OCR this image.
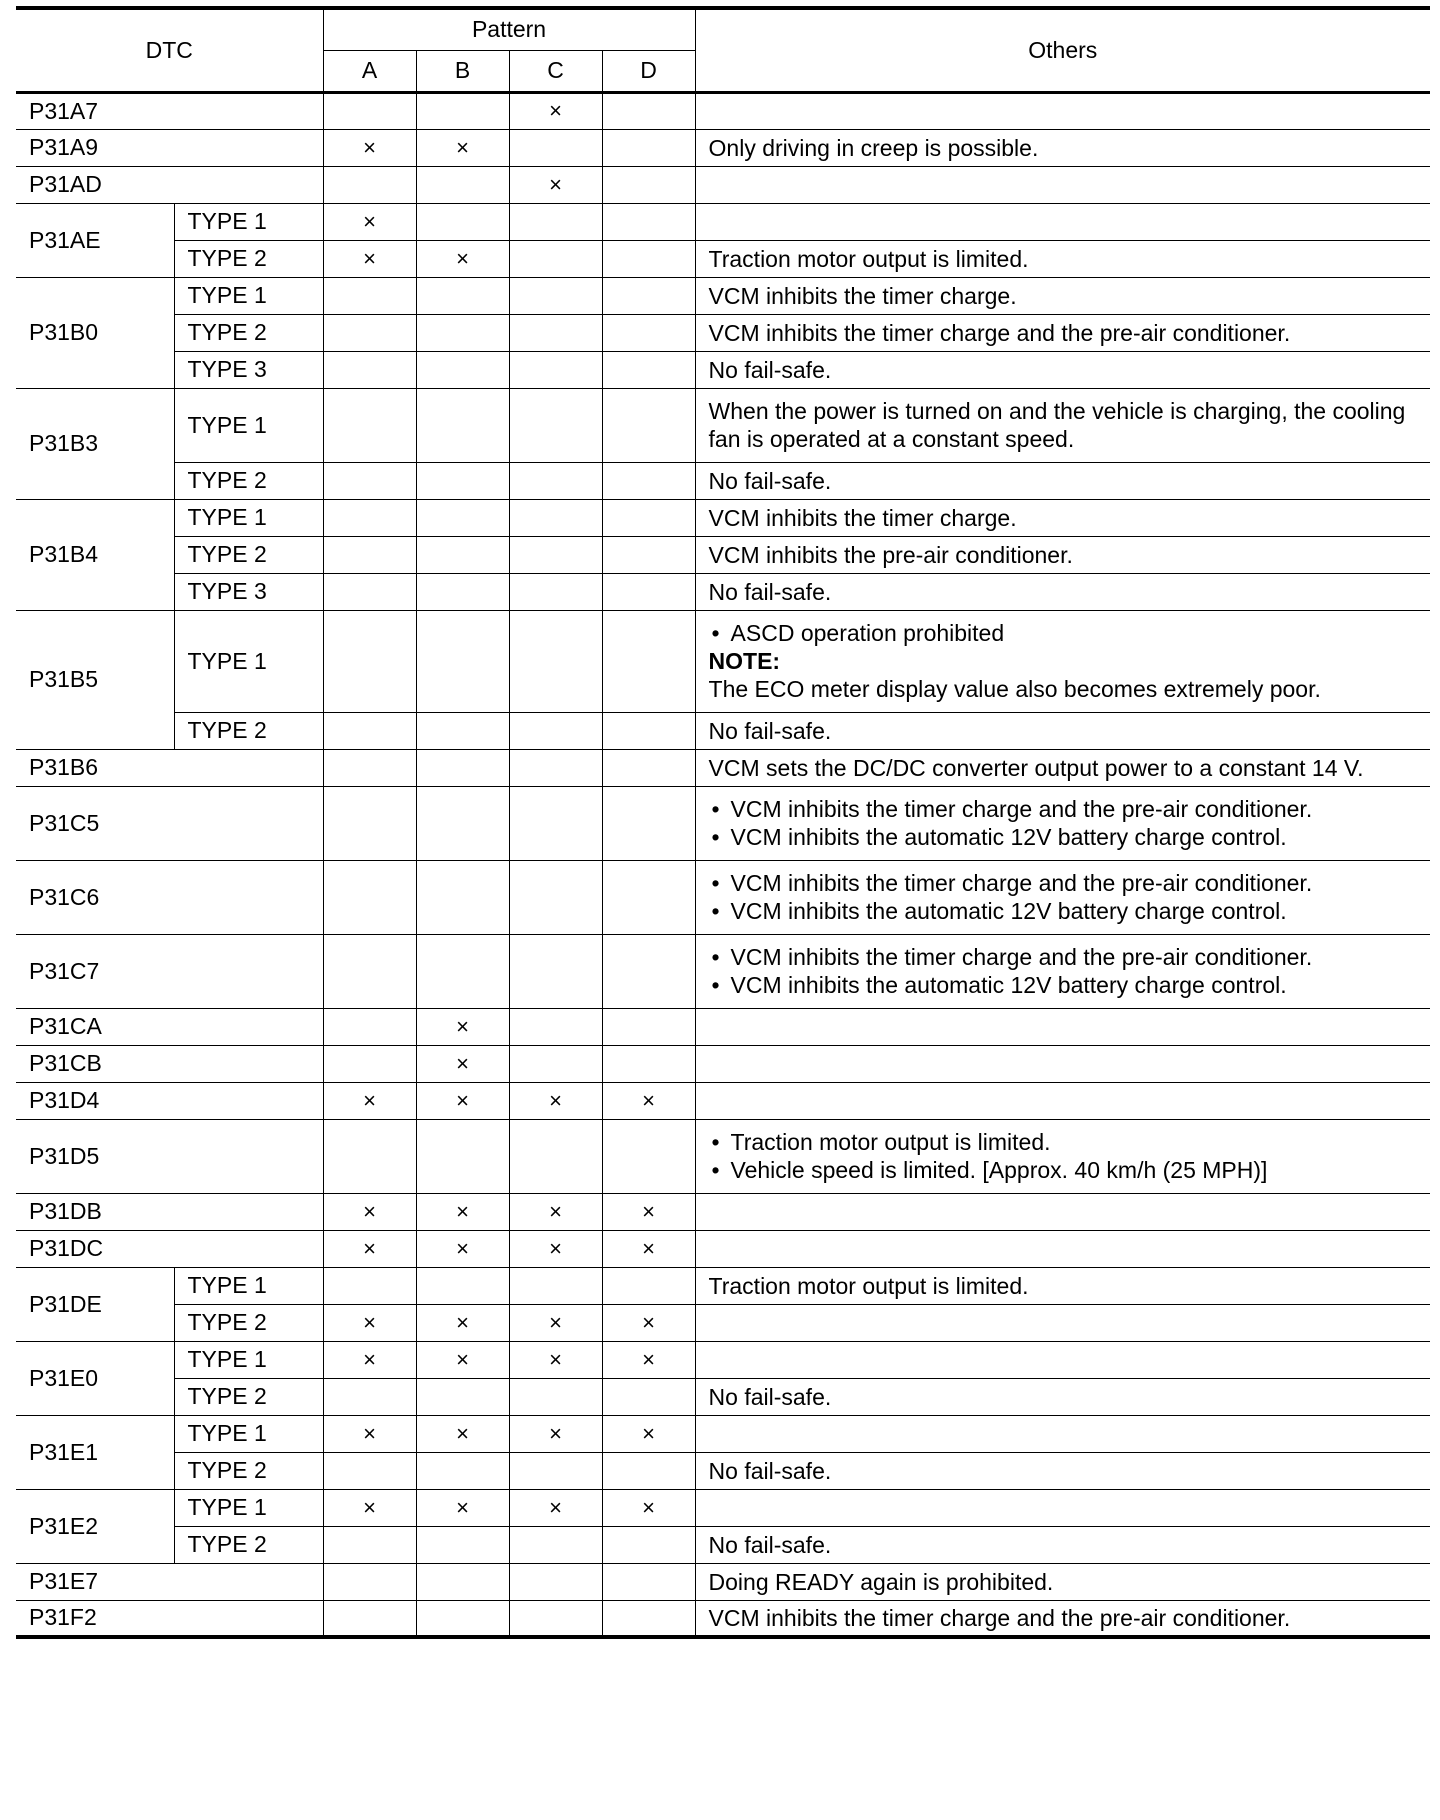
DTC		Pattern				Others
		A	B	C	D	
P31A7				×		
P31A9		×	×			Only driving in creep is possible.

P31AD				×		
P31AE	TYPE 1	×				
	TYPE 2	×	×			Traction motor output is limited.

P31B0	TYPE 1					VCM inhibits the timer charge.

	TYPE 2					VCM inhibits the timer charge and the pre-air conditioner.

	TYPE 3					No fail-safe.

P31B3	TYPE 1					When the power is turned on and the vehicle is charging, the cooling fan is operated at a constant speed.

	TYPE 2					No fail-safe.

P31B4	TYPE 1					VCM inhibits the timer charge.

	TYPE 2					VCM inhibits the pre-air conditioner.

	TYPE 3					No fail-safe.

P31B5	TYPE 1					• ASCD operation prohibited
NOTE:
The ECO meter display value also becomes extremely poor.

	TYPE 2					No fail-safe.

P31B6						VCM sets the DC/DC converter output power to a constant 14 V.

P31C5						• VCM inhibits the timer charge and the pre-air conditioner.
• VCM inhibits the automatic 12V battery charge control.

P31C6						• VCM inhibits the timer charge and the pre-air conditioner.
• VCM inhibits the automatic 12V battery charge control.

P31C7						• VCM inhibits the timer charge and the pre-air conditioner.
• VCM inhibits the automatic 12V battery charge control.

P31CA			×			
P31CB			×			
P31D4		×	×	×	×	
P31D5						• Traction motor output is limited.
• Vehicle speed is limited. [Approx. 40 km/h (25 MPH)]

P31DB		×	×	×	×	
P31DC		×	×	×	×	
P31DE	TYPE 1					Traction motor output is limited.

	TYPE 2	×	×	×	×	
P31E0	TYPE 1	×	×	×	×	
	TYPE 2					No fail-safe.

P31E1	TYPE 1	×	×	×	×	
	TYPE 2					No fail-safe.

P31E2	TYPE 1	×	×	×	×	
	TYPE 2					No fail-safe.

P31E7						Doing READY again is prohibited.

P31F2						VCM inhibits the timer charge and the pre-air conditioner.
